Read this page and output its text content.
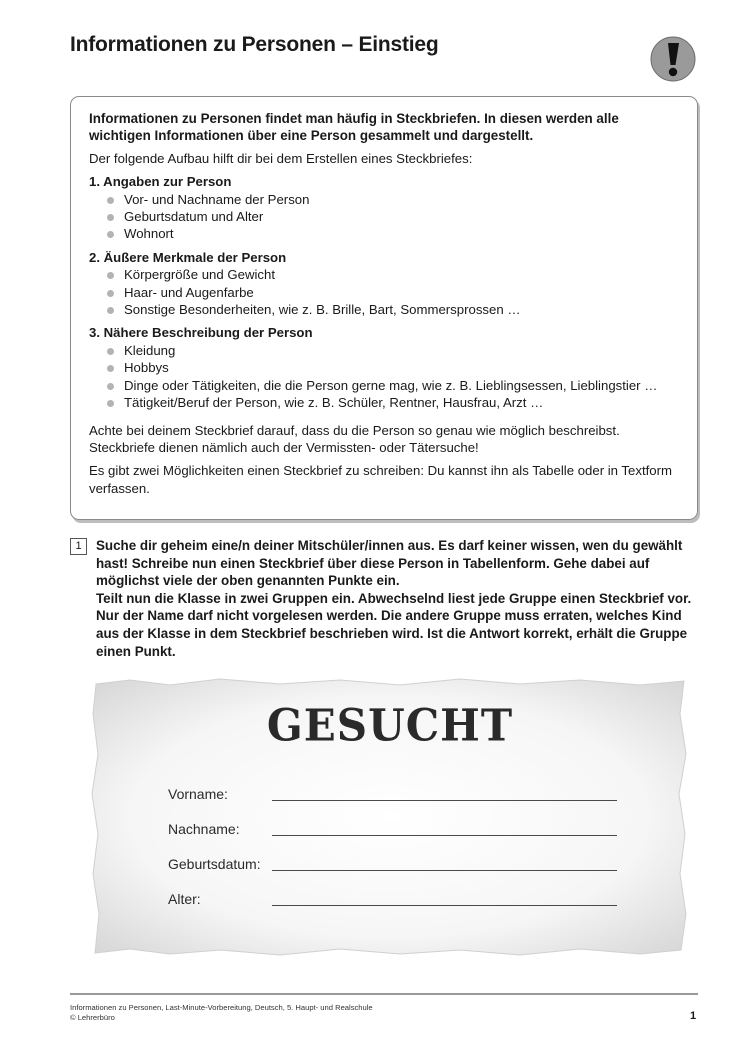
Informationen zu Personen – Einstieg

Informationen zu Personen findet man häufig in Steckbriefen. In diesen werden alle wichtigen Informationen über eine Person gesammelt und dargestellt.

Der folgende Aufbau hilft dir bei dem Erstellen eines Steckbriefes:

1. Angaben zur Person
Vor- und Nachname der Person
Geburtsdatum und Alter
Wohnort
2. Äußere Merkmale der Person
Körpergröße und Gewicht
Haar- und Augenfarbe
Sonstige Besonderheiten, wie z. B. Brille, Bart, Sommersprossen …
3. Nähere Beschreibung der Person
Kleidung
Hobbys
Dinge oder Tätigkeiten, die die Person gerne mag, wie z. B. Lieblingsessen, Lieblingstier …
Tätigkeit/Beruf der Person, wie z. B. Schüler, Rentner, Hausfrau, Arzt …

Achte bei deinem Steckbrief darauf, dass du die Person so genau wie möglich beschreibst. Steckbriefe dienen nämlich auch der Vermissten- oder Tätersuche!

Es gibt zwei Möglichkeiten einen Steckbrief zu schreiben: Du kannst ihn als Tabelle oder in Textform verfassen.

1	Suche dir geheim eine/n deiner Mitschüler/innen aus. Es darf keiner wissen, wen du gewählt hast! Schreibe nun einen Steckbrief über diese Person in Tabellenform. Gehe dabei auf möglichst viele der oben genannten Punkte ein.

Teilt nun die Klasse in zwei Gruppen ein. Abwechselnd liest jede Gruppe einen Steckbrief vor. Nur der Name darf nicht vorgelesen werden. Die andere Gruppe muss erraten, welches Kind aus der Klasse in dem Steckbrief beschrieben wird. Ist die Antwort korrekt, erhält die Gruppe einen Punkt.

GESUCHT
Vorname:
Nachname:
Geburtsdatum:
Alter:

Informationen zu Personen, Last-Minute-Vorbereitung, Deutsch, 5. Haupt- und Realschule

© Lehrerbüro	1
